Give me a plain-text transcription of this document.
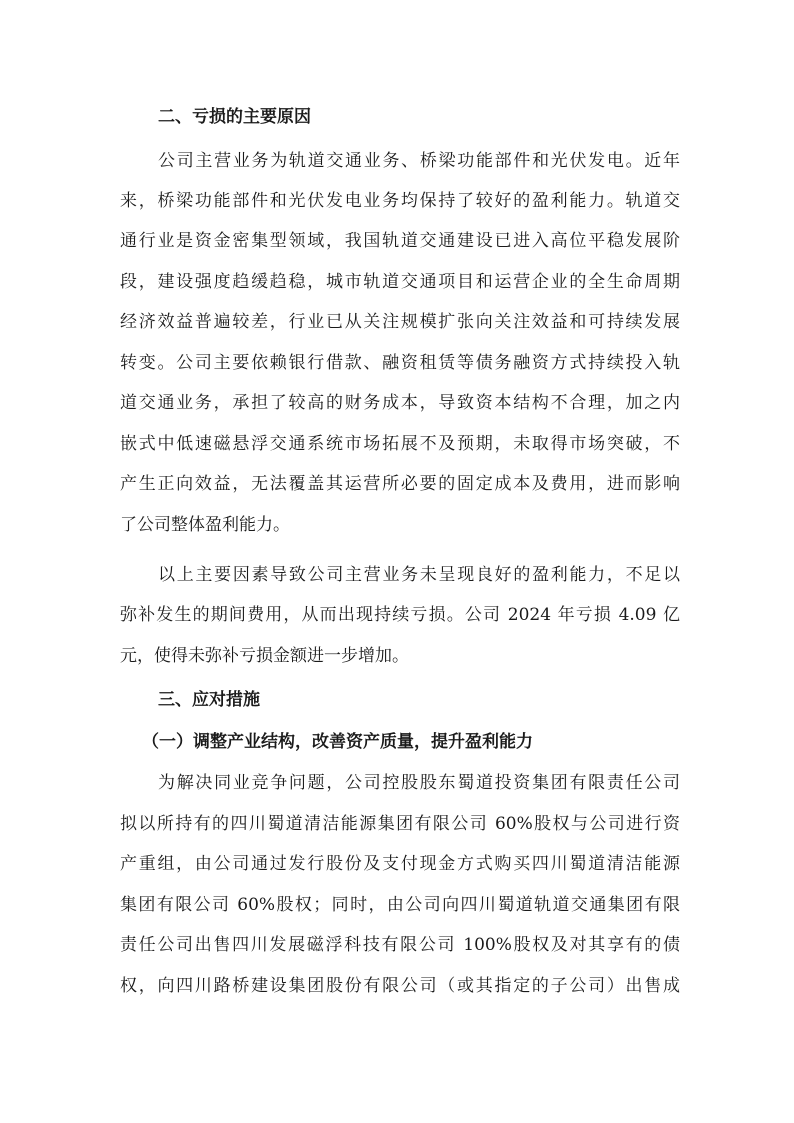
二、亏损的主要原因
公司主营业务为轨道交通业务、桥梁功能部件和光伏发电。近年
来，桥梁功能部件和光伏发电业务均保持了较好的盈利能力。轨道交
通行业是资金密集型领域，我国轨道交通建设已进入高位平稳发展阶
段，建设强度趋缓趋稳，城市轨道交通项目和运营企业的全生命周期
经济效益普遍较差，行业已从关注规模扩张向关注效益和可持续发展
转变。公司主要依赖银行借款、融资租赁等债务融资方式持续投入轨
道交通业务，承担了较高的财务成本，导致资本结构不合理，加之内
嵌式中低速磁悬浮交通系统市场拓展不及预期，未取得市场突破，不
产生正向效益，无法覆盖其运营所必要的固定成本及费用，进而影响
了公司整体盈利能力。
以上主要因素导致公司主营业务未呈现良好的盈利能力，不足以
弥补发生的期间费用，从而出现持续亏损。公司 2024 年亏损 4.09 亿
元，使得未弥补亏损金额进一步增加。
三、应对措施
（一）调整产业结构，改善资产质量，提升盈利能力
为解决同业竞争问题，公司控股股东蜀道投资集团有限责任公司
拟以所持有的四川蜀道清洁能源集团有限公司 60%股权与公司进行资
产重组，由公司通过发行股份及支付现金方式购买四川蜀道清洁能源
集团有限公司 60%股权；同时，由公司向四川蜀道轨道交通集团有限
责任公司出售四川发展磁浮科技有限公司 100%股权及对其享有的债
权，向四川路桥建设集团股份有限公司（或其指定的子公司）出售成
